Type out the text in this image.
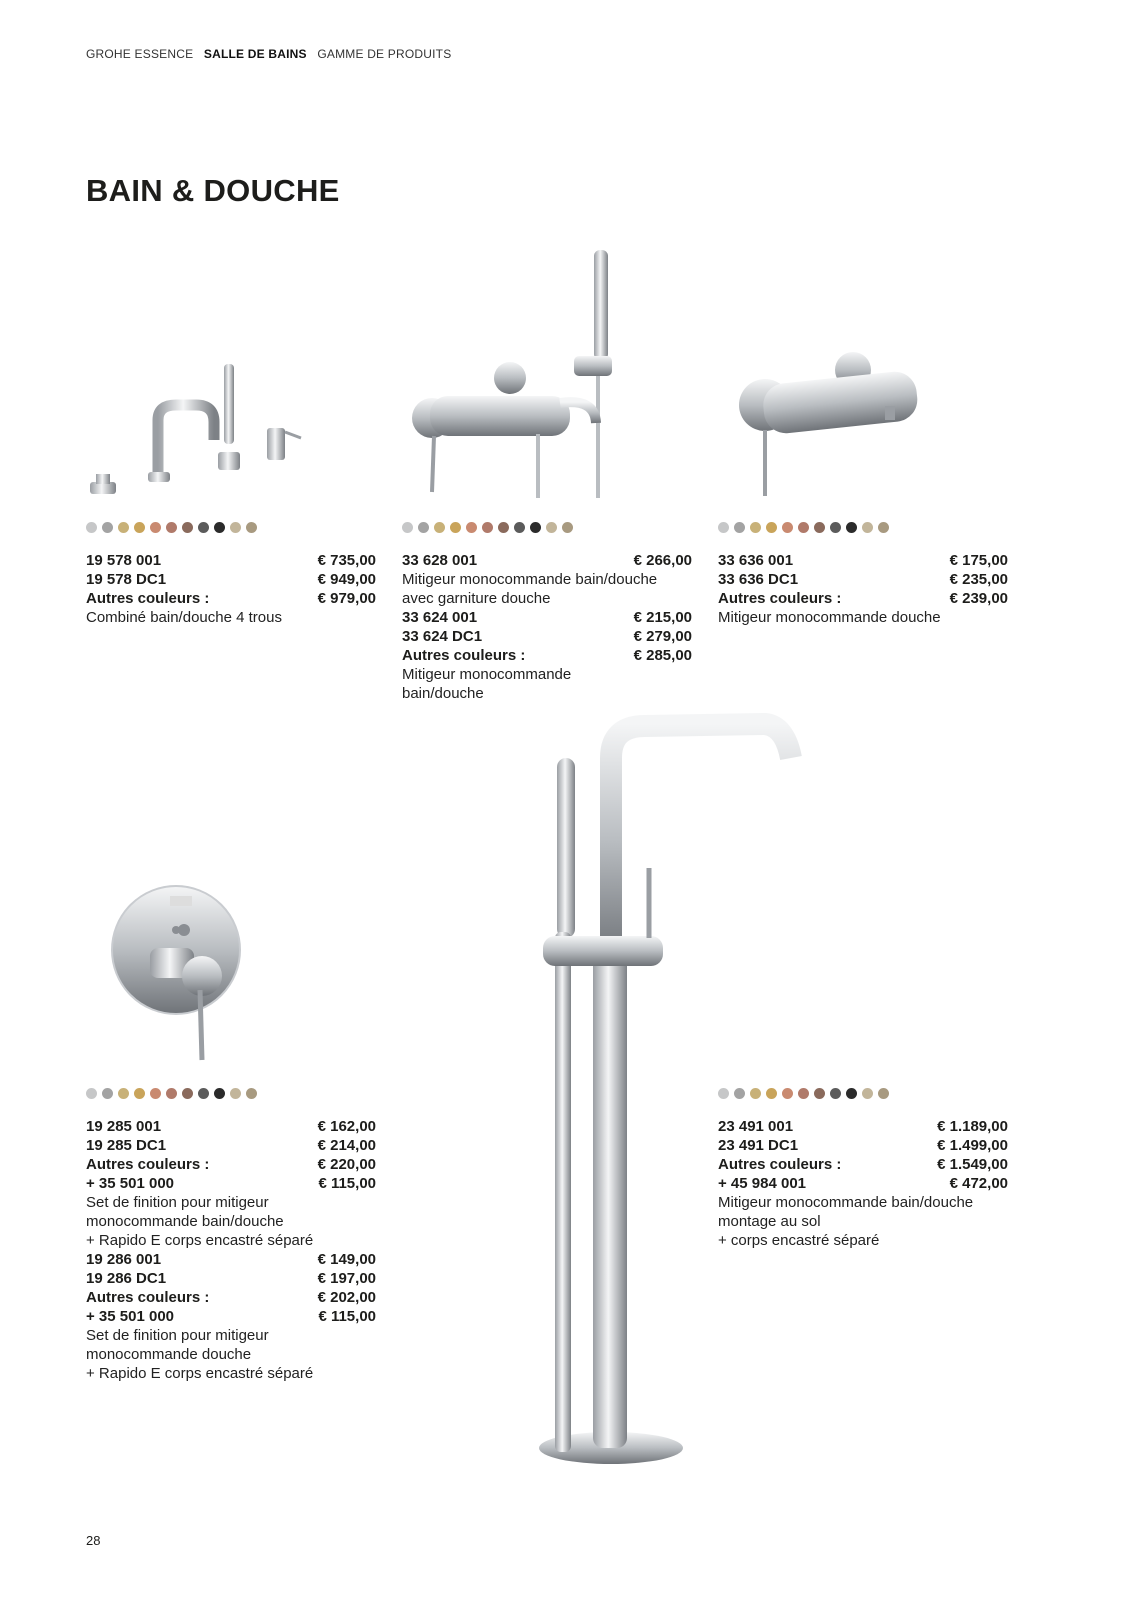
GROHE ESSENCE SALLE DE BAINS GAMME DE PRODUITS
BAIN & DOUCHE
19 578 001	€ 735,00
19 578 DC1	€ 949,00
Autres couleurs :	€ 979,00
Combiné bain/douche 4 trous
33 628 001	€ 266,00
Mitigeur monocommande bain/douche
avec garniture douche
33 624 001	€ 215,00
33 624 DC1	€ 279,00
Autres couleurs :	€ 285,00
Mitigeur monocommande
bain/douche
33 636 001	€ 175,00
33 636 DC1	€ 235,00
Autres couleurs :	€ 239,00
Mitigeur monocommande douche
19 285 001	€ 162,00
19 285 DC1	€ 214,00
Autres couleurs :	€ 220,00
+ 35 501 000	€ 115,00
Set de finition pour mitigeur
monocommande bain/douche
+ Rapido E corps encastré séparé
19 286 001	€ 149,00
19 286 DC1	€ 197,00
Autres couleurs :	€ 202,00
+ 35 501 000	€ 115,00
Set de finition pour mitigeur
monocommande douche
+ Rapido E corps encastré séparé
23 491 001	€ 1.189,00
23 491 DC1	€ 1.499,00
Autres couleurs :	€ 1.549,00
+ 45 984 001	€ 472,00
Mitigeur monocommande bain/douche
montage au sol
+ corps encastré séparé
28
